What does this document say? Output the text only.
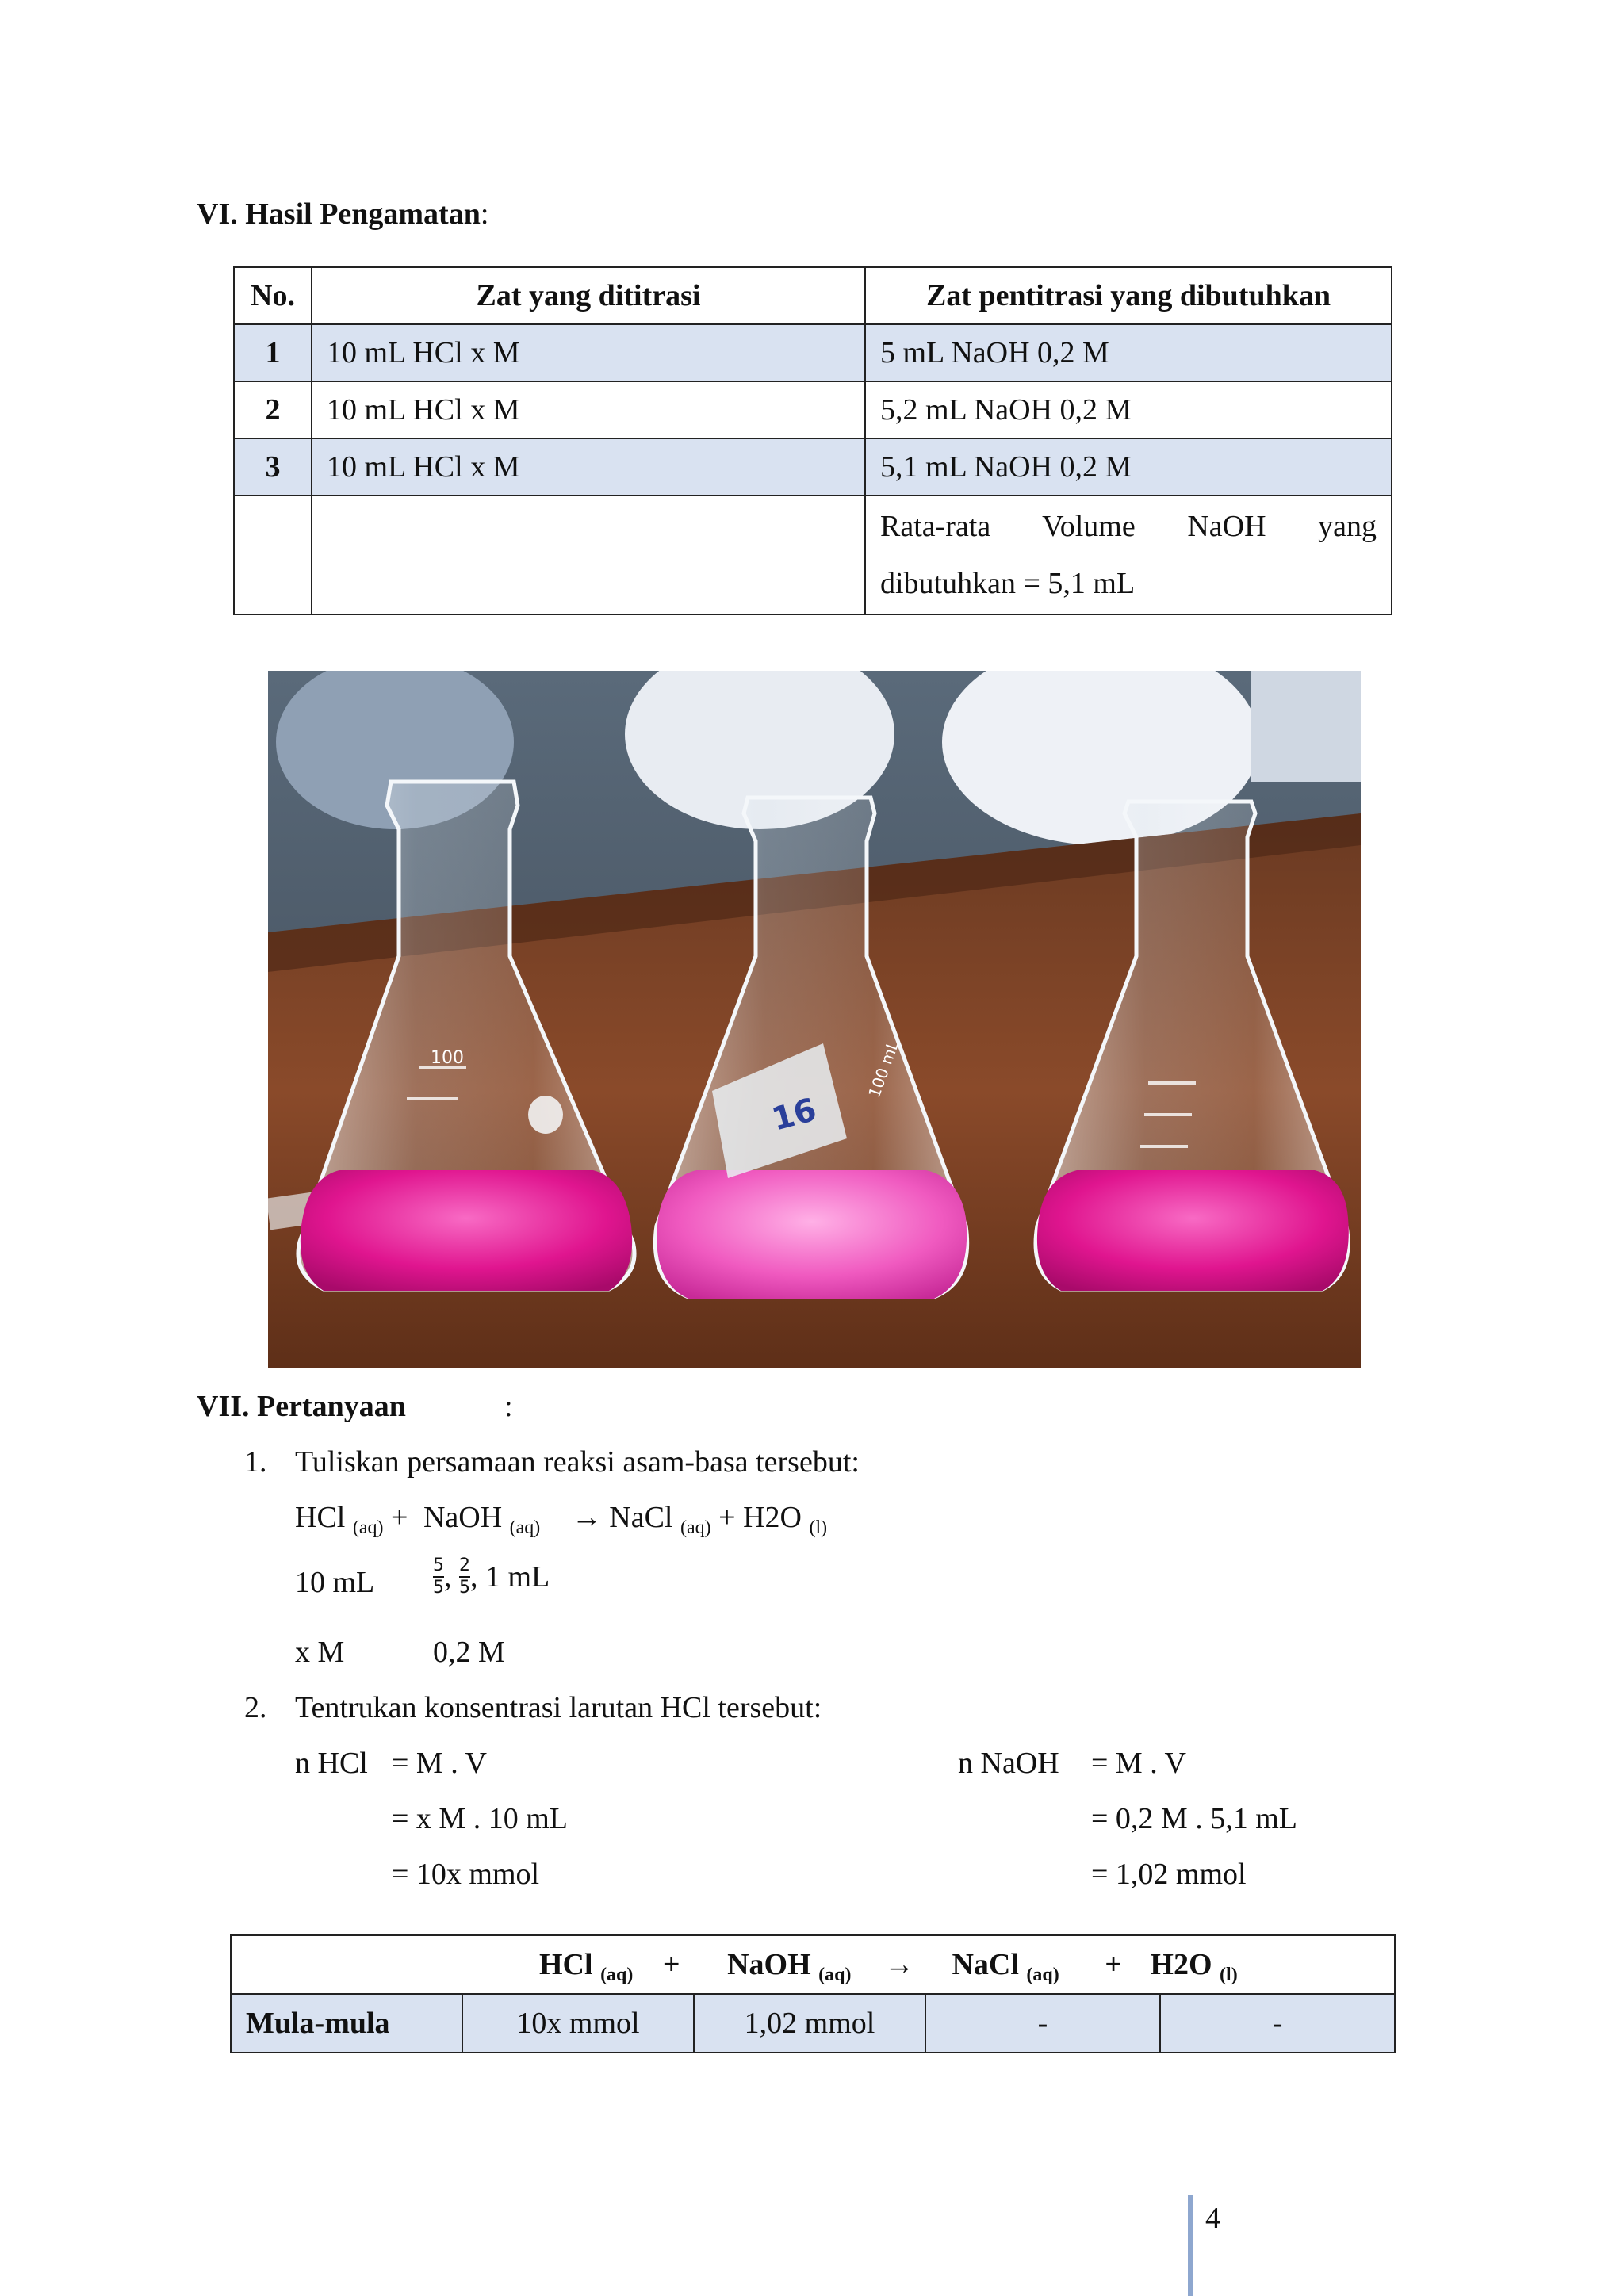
VI. Hasil Pengamatan:
No.	Zat yang dititrasi	Zat pentitrasi yang dibutuhkan
1	10 mL HCl x M	5 mL NaOH 0,2 M
2	10 mL HCl x M	5,2 mL NaOH 0,2 M
3	10 mL HCl x M	5,1 mL NaOH 0,2 M
		Rata-rata Volume NaOH yang dibutuhkan = 5,1 mL
100
16
100 mL
VII. Pertanyaan	:
1. Tuliskan persamaan reaksi asam-basa tersebut:
HCl $_{(aq)}$ + NaOH $_{(aq)}$ → NaCl $_{(aq)}$ + H2O $_{(l)}$
10 mL	$\frac{5}{5}$ , $\frac{2}{5}$ , 1 mL
x M	0,2 M
2. Tentrukan konsentrasi larutan HCl tersebut:
n HCl = M . V
= x M . 10 mL
= 10x mmol
n NaOH = M . V
= 0,2 M . 5,1 mL
= 1,02 mmol
HCl $_{(aq)}$ + NaOH $_{(aq)}$ → NaCl $_{(aq)}$ + H2O $_{(l)}$
Mula-mula	10x mmol	1,02 mmol	-	-
4
